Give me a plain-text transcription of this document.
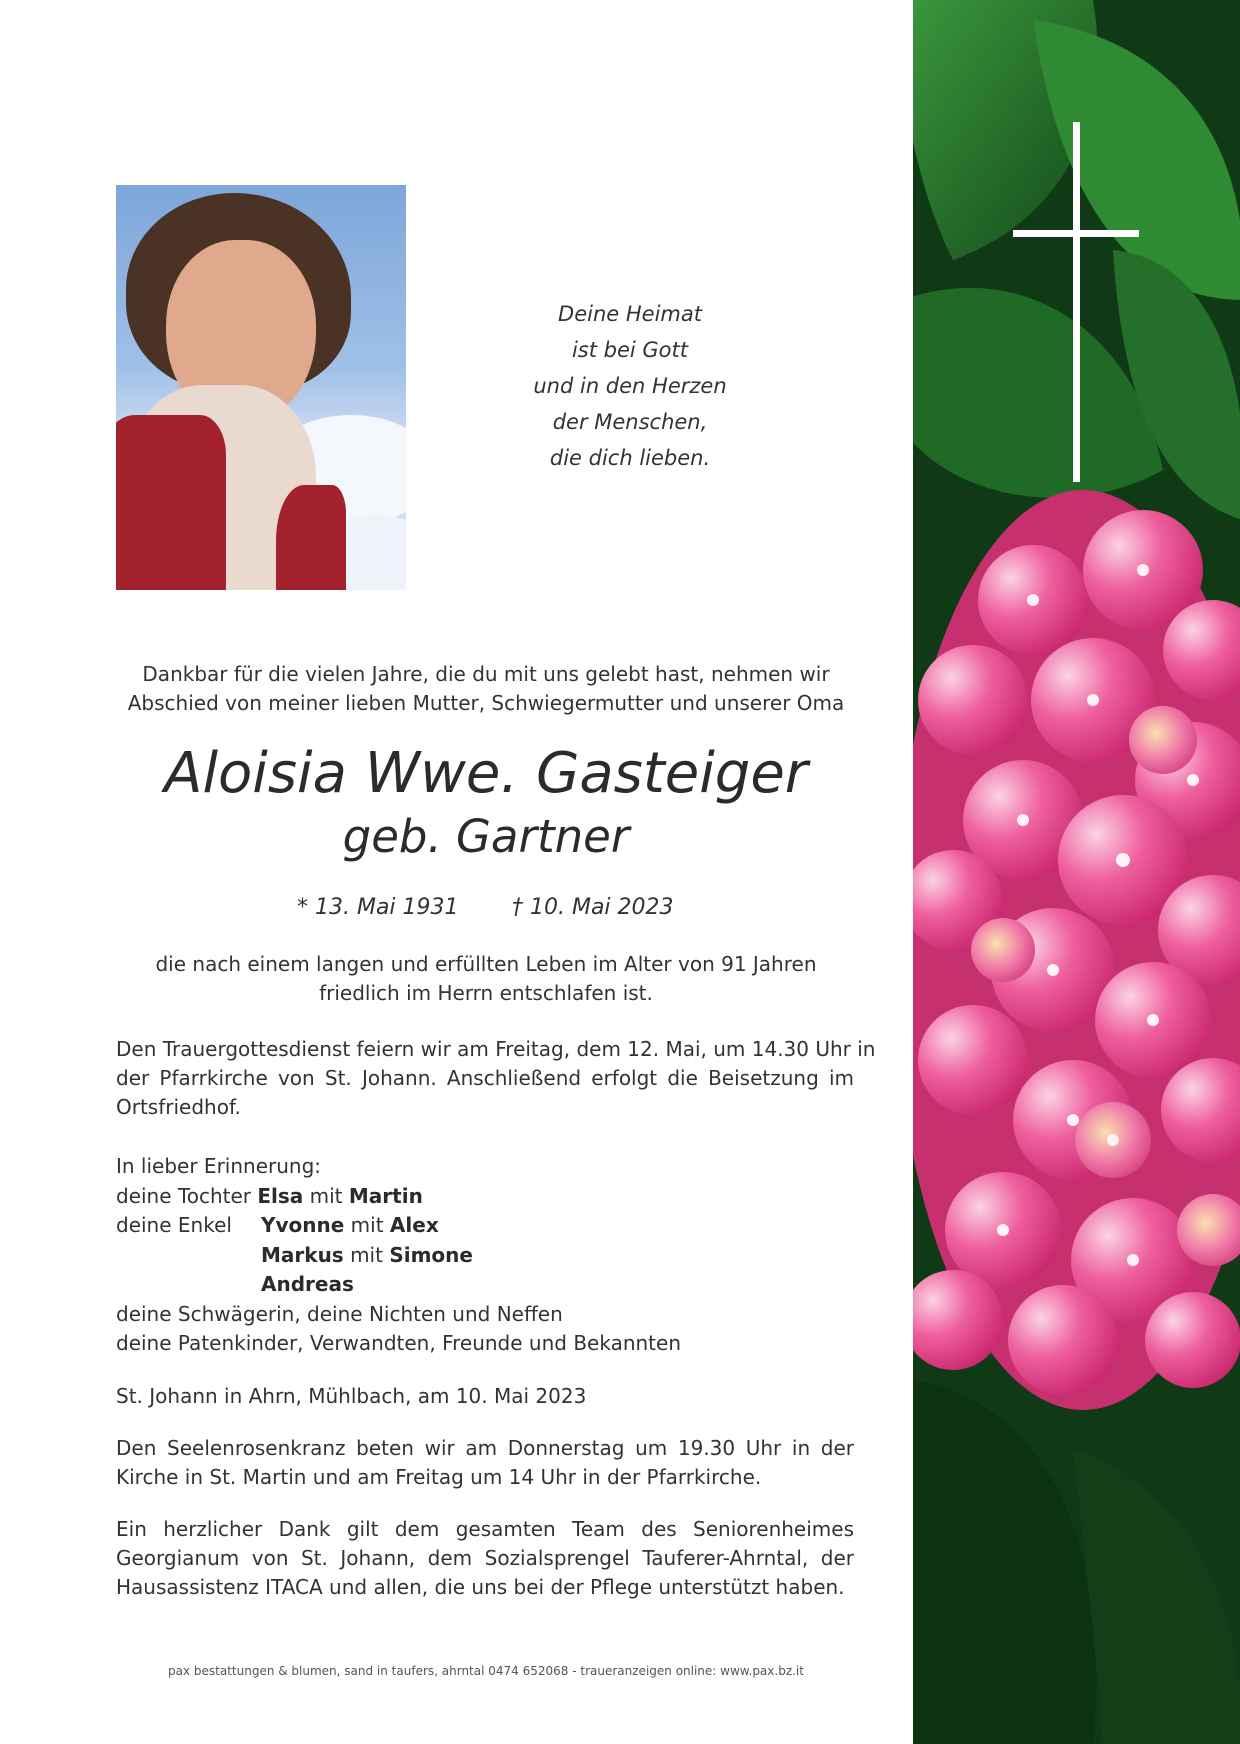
Deine Heimat
ist bei Gott
und in den Herzen
der Menschen,
die dich lieben.
Dankbar für die vielen Jahre, die du mit uns gelebt hast, nehmen wir
Abschied von meiner lieben Mutter, Schwiegermutter und unserer Oma
Aloisia Wwe. Gasteiger
geb. Gartner
* 13. Mai 1931 † 10. Mai 2023
die nach einem langen und erfüllten Leben im Alter von 91 Jahren
friedlich im Herrn entschlafen ist.
Den Trauergottesdienst feiern wir am Freitag, dem 12. Mai, um 14.30 Uhr in
der Pfarrkirche von St. Johann. Anschließend erfolgt die Beisetzung im
Ortsfriedhof.
In lieber Erinnerung:
deine Tochter Elsa mit Martin
deine Enkel Yvonne mit Alex
Markus mit Simone
Andreas
deine Schwägerin, deine Nichten und Neffen
deine Patenkinder, Verwandten, Freunde und Bekannten
St. Johann in Ahrn, Mühlbach, am 10. Mai 2023
Den Seelenrosenkranz beten wir am Donnerstag um 19.30 Uhr in der
Kirche in St. Martin und am Freitag um 14 Uhr in der Pfarrkirche.
Ein herzlicher Dank gilt dem gesamten Team des Seniorenheimes
Georgianum von St. Johann, dem Sozialsprengel Tauferer-Ahrntal, der
Hausassistenz ITACA und allen, die uns bei der Pflege unterstützt haben.
pax bestattungen & blumen, sand in taufers, ahrntal 0474 652068 - traueranzeigen online: www.pax.bz.it
